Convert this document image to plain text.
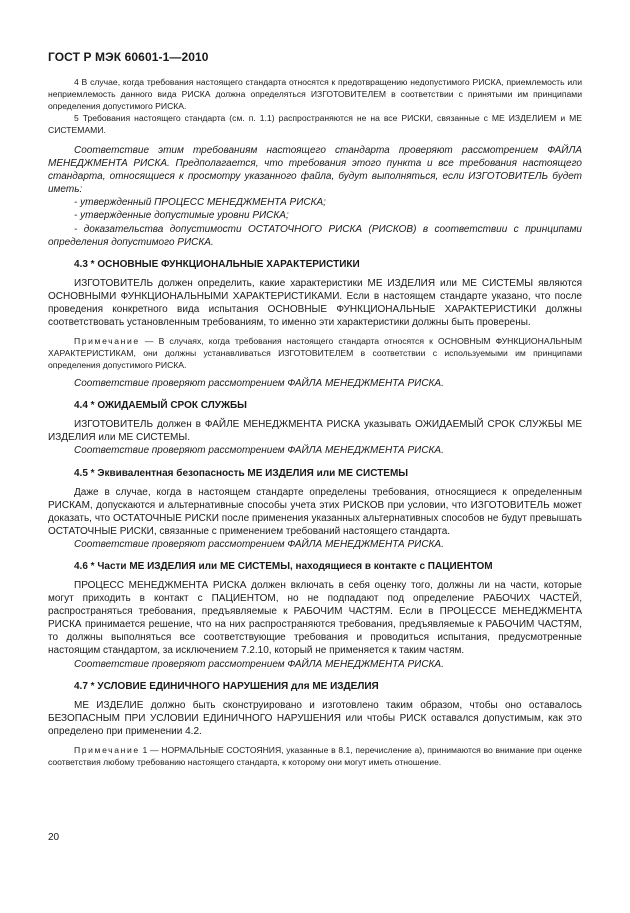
ГОСТ Р МЭК 60601-1—2010

4 В случае, когда требования настоящего стандарта относятся к предотвращению недопустимого РИСКА, приемлемость или неприемлемость данного вида РИСКА должна определяться ИЗГОТОВИТЕЛЕМ в соответствии с принятыми им принципами определения допустимого РИСКА.

5 Требования настоящего стандарта (см. п. 1.1) распространяются не на все РИСКИ, связанные с МЕ ИЗДЕЛИЕМ и МЕ СИСТЕМАМИ.

Соответствие этим требованиям настоящего стандарта проверяют рассмотрением ФАЙЛА МЕНЕДЖМЕНТА РИСКА. Предполагается, что требования этого пункта и все требования настоящего стандарта, относящиеся к просмотру указанного файла, будут выполняться, если ИЗГОТОВИТЕЛЬ будет иметь:

- утвержденный ПРОЦЕСС МЕНЕДЖМЕНТА РИСКА;

- утвержденные допустимые уровни РИСКА;

- доказательства допустимости ОСТАТОЧНОГО РИСКА (РИСКОВ) в соответствии с принципами определения допустимого РИСКА.

4.3 * ОСНОВНЫЕ ФУНКЦИОНАЛЬНЫЕ ХАРАКТЕРИСТИКИ

ИЗГОТОВИТЕЛЬ должен определить, какие характеристики МЕ ИЗДЕЛИЯ или МЕ СИСТЕМЫ являются ОСНОВНЫМИ ФУНКЦИОНАЛЬНЫМИ ХАРАКТЕРИСТИКАМИ. Если в настоящем стандарте указано, что после проведения конкретного вида испытания ОСНОВНЫЕ ФУНКЦИОНАЛЬНЫЕ ХАРАКТЕРИСТИКИ должны соответствовать установленным требованиям, то именно эти характеристики должны быть проверены.

Примечание — В случаях, когда требования настоящего стандарта относятся к ОСНОВНЫМ ФУНКЦИОНАЛЬНЫМ ХАРАКТЕРИСТИКАМ, они должны устанавливаться ИЗГОТОВИТЕЛЕМ в соответствии с используемыми им принципами определения допустимого РИСКА.

Соответствие проверяют рассмотрением ФАЙЛА МЕНЕДЖМЕНТА РИСКА.

4.4 * ОЖИДАЕМЫЙ СРОК СЛУЖБЫ

ИЗГОТОВИТЕЛЬ должен в ФАЙЛЕ МЕНЕДЖМЕНТА РИСКА указывать ОЖИДАЕМЫЙ СРОК СЛУЖБЫ МЕ ИЗДЕЛИЯ или МЕ СИСТЕМЫ.

Соответствие проверяют рассмотрением ФАЙЛА МЕНЕДЖМЕНТА РИСКА.

4.5 * Эквивалентная безопасность МЕ ИЗДЕЛИЯ или МЕ СИСТЕМЫ

Даже в случае, когда в настоящем стандарте определены требования, относящиеся к определенным РИСКАМ, допускаются и альтернативные способы учета этих РИСКОВ при условии, что ИЗГОТОВИТЕЛЬ может доказать, что ОСТАТОЧНЫЕ РИСКИ после применения указанных альтернативных способов не будут превышать ОСТАТОЧНЫЕ РИСКИ, связанные с применением требований настоящего стандарта.

Соответствие проверяют рассмотрением ФАЙЛА МЕНЕДЖМЕНТА РИСКА.

4.6 * Части МЕ ИЗДЕЛИЯ или МЕ СИСТЕМЫ, находящиеся в контакте с ПАЦИЕНТОМ

ПРОЦЕСС МЕНЕДЖМЕНТА РИСКА должен включать в себя оценку того, должны ли на части, которые могут приходить в контакт с ПАЦИЕНТОМ, но не подпадают под определение РАБОЧИХ ЧАСТЕЙ, распространяться требования, предъявляемые к РАБОЧИМ ЧАСТЯМ. Если в ПРОЦЕССЕ МЕНЕДЖМЕНТА РИСКА принимается решение, что на них распространяются требования, предъявляемые к РАБОЧИМ ЧАСТЯМ, то должны выполняться все соответствующие требования и проводиться испытания, предусмотренные настоящим стандартом, за исключением 7.2.10, который не применяется к таким частям.

Соответствие проверяют рассмотрением ФАЙЛА МЕНЕДЖМЕНТА РИСКА.

4.7 * УСЛОВИЕ ЕДИНИЧНОГО НАРУШЕНИЯ для МЕ ИЗДЕЛИЯ

МЕ ИЗДЕЛИЕ должно быть сконструировано и изготовлено таким образом, чтобы оно оставалось БЕЗОПАСНЫМ ПРИ УСЛОВИИ ЕДИНИЧНОГО НАРУШЕНИЯ или чтобы РИСК оставался допустимым, как это определено при применении 4.2.

Примечание 1 — НОРМАЛЬНЫЕ СОСТОЯНИЯ, указанные в 8.1, перечисление а), принимаются во внимание при оценке соответствия любому требованию настоящего стандарта, к которому они могут иметь отношение.

20
